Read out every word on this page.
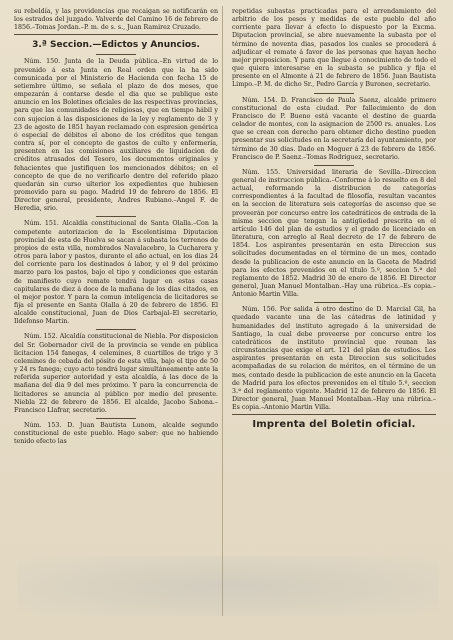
su rebeldía, y las providencias que recaigan se notificarán en los estrados del juzgado. Valverde del Camino 16 de febrero de 1856.–Tomas Jordan.–P. m. de s. s., Juan Ramirez Cruzado.

3.ª Seccion.—Edictos y Anuncios.

Núm. 150. Junta de la Deuda pública.–En virtud de lo prevenido á esta Junta en Real orden que la ha sido comunicada por el Ministerio de Hacienda con fecha 15 de setiembre último, se señala el plazo de dos meses, que empezarán á contarse desde el dia que se publique este anuncio en los Boletines oficiales de las respectivas provincias, para que las comunidades de religiosas, que en tiempo hábil y con sujecion á las disposiciones de la ley y reglamento de 3 y 23 de agosto de 1851 hayan reclamado con espresion genérica ó especial de débitos el abono de los créditos que tengan contra sí, por el concepto de gastos de culto y enfermería, presenten en las comisiones auxiliares de liquidacion de créditos atrasados del Tesoro, los documentos originales y fehacientes que justifiquen los mencionados débitos; en el concepto de que de no verificarlo dentro del referido plazo quedarán sin curso ulterior los expedientes que hubiesen promovido para su pago. Madrid 19 de febrero de 1856. El Director general, presidente, Andres Rubiano.–Angel F. de Heredia, srio.

Núm. 151. Alcaldía constitucional de Santa Olalla.–Con la competente autorizacion de la Escelentísima Diputacion provincial de esta de Huelva se sacan á subasta los terrenos de propios de esta villa, nombrados Navalacebro, la Cucharera y otros para labor y pastos, durante el año actual, en los dias 24 del corriente para los destinados á labor, y el 9 del próximo marzo para los pastos, bajo el tipo y condiciones que estarán de manifiesto cuyo remate tendrá lugar en estas casas capitulares de diez á doce de la mañana de los dias citados, en el mejor postor. Y para la comun inteligencia de licitadores se fija el presente en Santa Olalla á 20 de febrero de 1856. El alcalde constitucional, Juan de Dios Carbajal–El secretario, Ildefonso Martin.

Núm. 152. Alcaldía constitucional de Niebla. Por disposicion del Sr. Gobernador civil de la provincia se vende en pública licitacion 154 fanegas, 4 celemines, 8 cuartillos de trigo y 3 celemines de cebada del pósito de esta villa, bajo el tipo de 50 y 24 rs fanega; cuyo acto tendrá lugar simultáneamente ante la referida superior autoridad y esta alcaldía, á las doce de la mañana del dia 9 del mes próximo. Y para la concurrencia de licitadores se anuncia al público por medio del presente. Niebla 22 de febrero de 1856. El alcalde, Jacobo Sabona.–Francisco Llafrar, secretario.

Núm. 153. D. Juan Bautista Lunom, alcalde segundo constitucional de este pueblo. Hago saber: que no habiendo tenido efecto las

repetidas subastas practicadas para el arrendamiento del arbitrio de los pesos y medidas de este pueblo del año corriente para llevar á efecto lo dispuesto por la Excma. Diputacion provincial, se abre nuevamente la subasta por el término de noventa dias, pasados los cuales se procederá á adjudicar el remate á favor de las personas que hayan hecho mejor proposicion. Y para que llegue á conocimiento de todo el que quiera interesarse en la subasta se publica y fija el presente en el Almonte á 21 de febrero de 1856. Juan Bautista Limpo.–P. M. de dicho Sr., Pedro García y Buroneo, secretario.

Núm. 154. D. Francisco de Paula Saenz, alcalde primero constitucional de esta ciudad. Por fallecimiento de don Francisco de P. Bueno está vacante el destino de guarda celador de montes, con la asignacion de 2500 rs. anuales. Los que se crean con derecho para obtener dicho destino pueden presentar sus solicitudes en la secretaría del ayuntamiento, por término de 30 dias. Dado en Moguer á 23 de febrero de 1856. Francisco de P. Saenz.–Tomas Rodriguez, secretario.

Núm. 155. Universidad literaria de Sevilla.–Direccion general de instruccion pública.–Conforme á lo resuelto en 8 del actual, reformando la distribucion de categorías correspondientes á la facultad de filosofía, resultan vacantes en la seccion de literatura seis categorías de ascenso que se proveerán por concurso entre los catedráticos de entrada de la misma seccion que tengan la antigüedad prescrita en el artículo 146 del plan de estudios y el grado de licenciado en literatura, con arreglo al Real decreto de 17 de febrero de 1854. Los aspirantes presentarán en esta Direccion sus solicitudes documentadas en el término de un mes, contado desde la publicacion de este anuncio en la Gaceta de Madrid para los efectos prevenidos en el título 5.º, seccion 5.ª del reglamento de 1852. Madrid 30 de enero de 1856. El Director general, Juan Manuel Montalban.–Hay una rúbrica.–Es copia.–Antonio Martin Villa.

Núm. 156. Por salida á otro destino de D. Marcial Gil, ha quedado vacante una de las cátedras de latinidad y humanidades del instituto agregado á la universidad de Santiago, la cual debe proveerse por concurso entre los catedráticos de instituto provincial que reunan las circunstancias que exige el art. 121 del plan de estudios. Los aspirantes presentarán en esta Direccion sus solicitudes acompañadas de su relacion de méritos, en el término de un mes, contado desde la publicacion de este anuncio en la Gaceta de Madrid para los efectos prevenidos en el título 5.º, seccion 3.ª del reglamento vigente. Madrid 12 de febrero de 1856. El Director general, Juan Manuel Montalban.–Hay una rúbrica.–Es copia.–Antonio Martin Villa.

Imprenta del Boletin oficial.
